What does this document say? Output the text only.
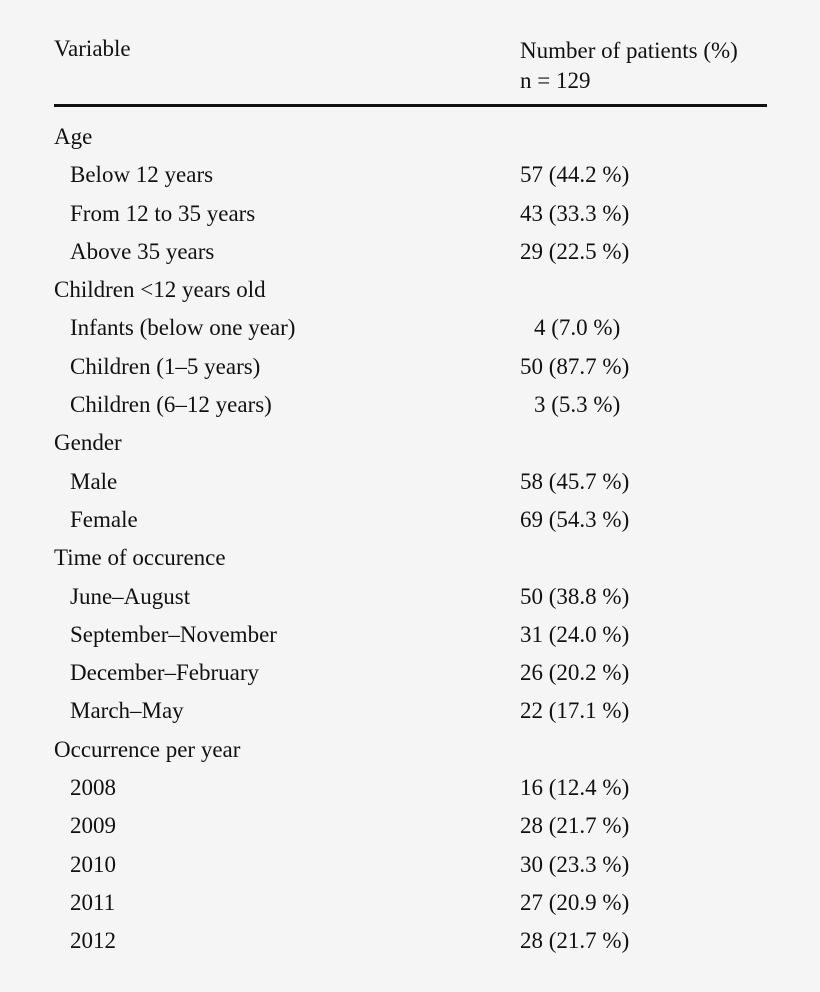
Variable	Number of patients (%)
n = 129
Age
Below 12 years	57 (44.2 %)
From 12 to 35 years	43 (33.3 %)
Above 35 years	29 (22.5 %)
Children <12 years old
Infants (below one year)	4 (7.0 %)
Children (1–5 years)	50 (87.7 %)
Children (6–12 years)	3 (5.3 %)
Gender
Male	58 (45.7 %)
Female	69 (54.3 %)
Time of occurence
June–August	50 (38.8 %)
September–November	31 (24.0 %)
December–February	26 (20.2 %)
March–May	22 (17.1 %)
Occurrence per year
2008	16 (12.4 %)
2009	28 (21.7 %)
2010	30 (23.3 %)
2011	27 (20.9 %)
2012	28 (21.7 %)
